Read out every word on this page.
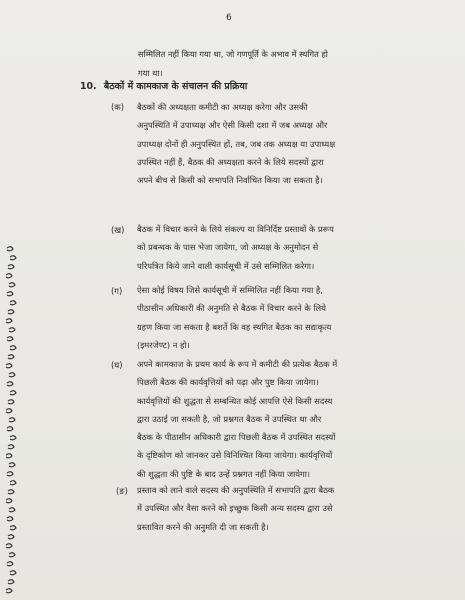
6
सम्मिलित नहीं किया गया था, जो गणपूर्ति के अभाव में स्थगित हो
गया था।
10. बैठकों में कामकाज के संचालन की प्रक्रिया
(क) बैठकों की अध्यक्षता कमीटी का अध्यक्ष करेगा और उसकी
अनुपस्थिति में उपाध्यक्ष और ऐसी किसी दशा में जब अध्यक्ष और
उपाध्यक्ष दोनों ही अनुपस्थित हों, तब, जब तक अध्यक्ष या उपाध्यक्ष
उपस्थित नहीं हैं, बैठक की अध्यक्षता करने के लिये सदस्यों द्वारा
अपने बीच से किसी को सभापति निर्वाचित किया जा सकता है।
(ख) बैठक में विचार करने के लिये संकल्प या विनिर्दिष्ट प्रस्तावों के प्ररूप
को प्रबन्धक के पास भेजा जायेगा, जो अध्यक्ष के अनुमोदन से
परिपत्रित किये जाने वाली कार्यसूची में उसे सम्मिलित करेगा।
(ग) ऐसा कोई विषय जिसे कार्यसूची में सम्मिलित नहीं किया गया है,
पीठासीन अधिकारी की अनुमति से बैठक में विचार करने के लिये
ग्रहण किया जा सकता है बशर्ते कि वह स्थगित बैठक का सद्यःकृत्य
(इमरजेण्ट) न हो।
(घ) अपने कामकाज के प्रथम कार्य के रूप में कमीटी की प्रत्येक बैठक में
पिछली बैठक की कार्यवृत्तियों को पढ़ा और पुष्ट किया जायेगा।
कार्यवृत्तियों की शुद्धता से सम्बन्धित कोई आपत्ति ऐसे किसी सदस्य
द्वारा उठाई जा सकती है, जो प्रश्नगत बैठक में उपस्थित था और
बैठक के पीठासीन अधिकारी द्वारा पिछली बैठक में उपस्थित सदस्यों
के दृष्टिकोण को जानकर उसे विनिश्चित किया जायेगा। कार्यवृत्तियों
की शुद्धता की पुष्टि के बाद उन्हें प्रश्नगत नहीं किया जायेगा।
(ङ) प्रस्ताव को लाने वाले सदस्य की अनुपस्थिति में सभापति द्वारा बैठक
में उपस्थित और वैसा करने को इच्छुक किसी अन्य सदस्य द्वारा उसे
प्रस्तावित करने की अनुमति दी जा सकती है।
